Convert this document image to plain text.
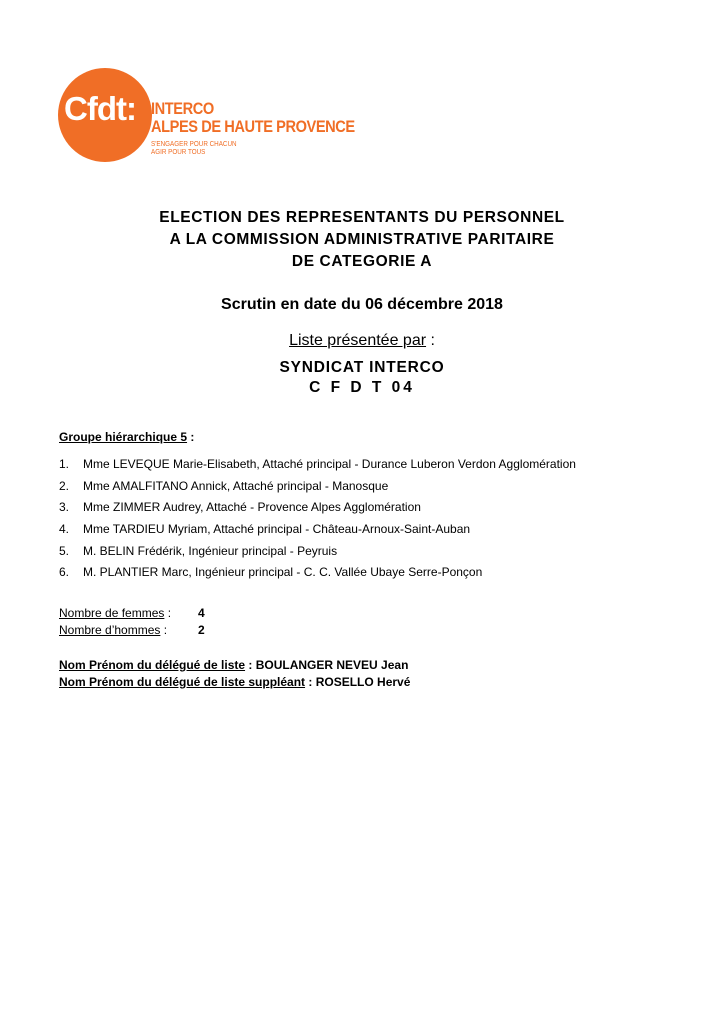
Cfdt: INTERCO
ALPES DE HAUTE PROVENCE
S'ENGAGER POUR CHACUN
AGIR POUR TOUS
ELECTION DES REPRESENTANTS DU PERSONNEL
A LA COMMISSION ADMINISTRATIVE PARITAIRE
DE CATEGORIE A
Scrutin en date du 06 décembre 2018
Liste présentée par :
SYNDICAT INTERCO
C F D T 04
Groupe hiérarchique 5 :
1. Mme LEVEQUE Marie-Elisabeth, Attaché principal - Durance Luberon Verdon Agglomération
2. Mme AMALFITANO Annick, Attaché principal - Manosque
3. Mme ZIMMER Audrey, Attaché - Provence Alpes Agglomération
4. Mme TARDIEU Myriam, Attaché principal - Château-Arnoux-Saint-Auban
5. M. BELIN Frédérik, Ingénieur principal - Peyruis
6. M. PLANTIER Marc, Ingénieur principal - C. C. Vallée Ubaye Serre-Ponçon
Nombre de femmes : 4
Nombre d’hommes :	2
Nom Prénom du délégué de liste : BOULANGER NEVEU Jean
Nom Prénom du délégué de liste suppléant : ROSELLO Hervé
